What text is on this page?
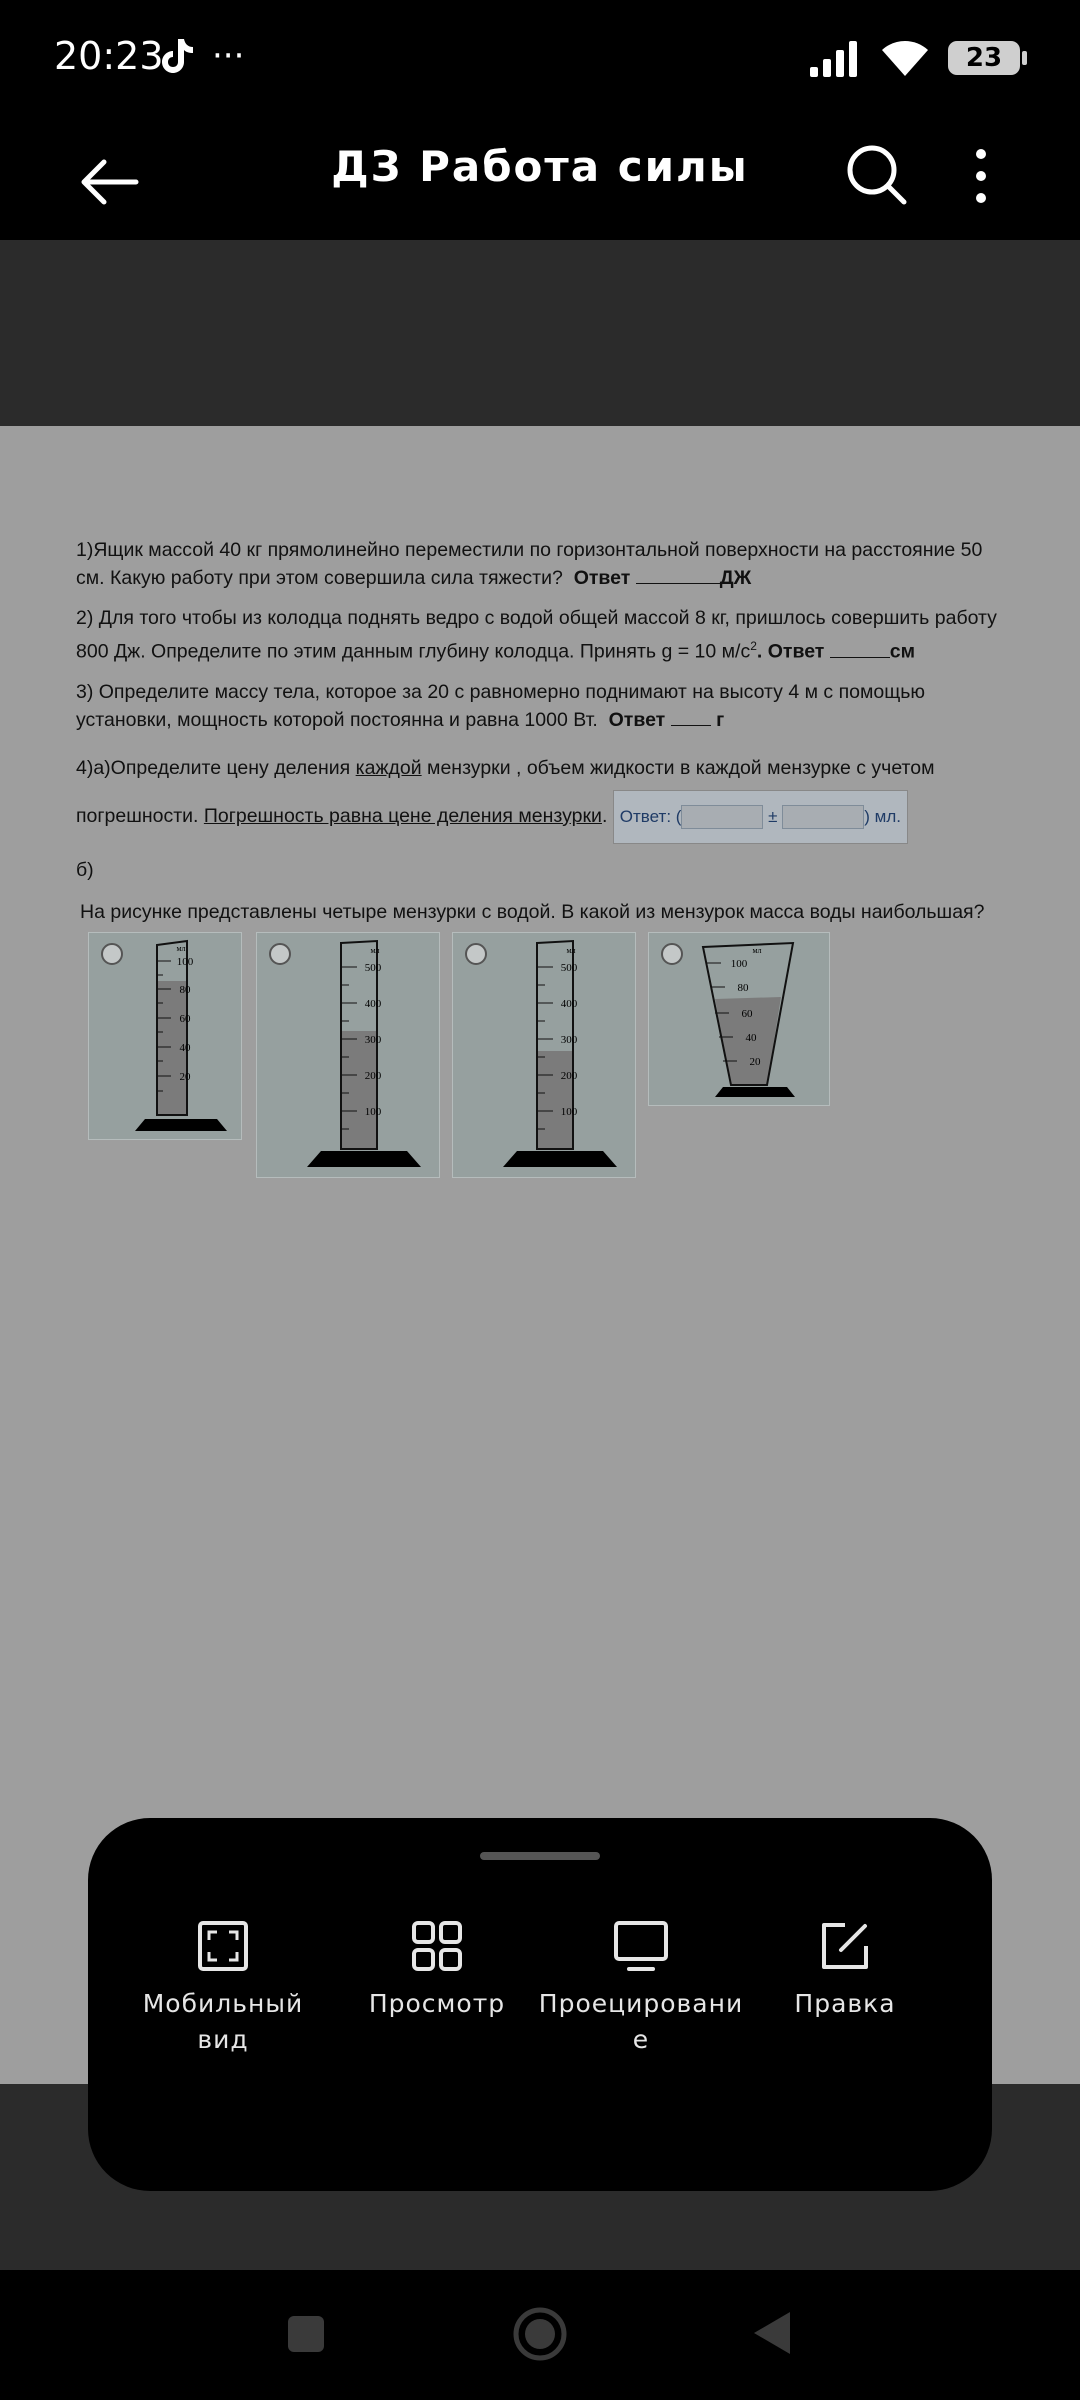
20:23 ···	23
ДЗ Работа силы

1)Ящик массой 40 кг прямолинейно переместили по горизонтальной поверхности на расстояние 50 см. Какую работу при этом совершила сила тяжести? Ответ	ДЖ

2) Для того чтобы из колодца поднять ведро с водой общей массой 8 кг, пришлось совершить работу 800 Дж. Определите по этим данным глубину колодца. Принять g = 10 $м/с^2$. Ответ	см

3) Определите массу тела, которое за 20 с равномерно поднимают на высоту 4 м с помощью установки, мощность которой постоянна и равна 1000 Вт. Ответ	г

4)а)Определите цену деления каждой мензурки , объем жидкости в каждой мензурке с учетом погрешности. Погрешность равна цене деления мензурки. Ответ: (	±	) мл.

б)

На рисунке представлены четыре мензурки с водой. В какой из мензурок масса воды наибольшая?

мл
100
80
60
40
20
мл
500
400
300
200
100
мл
500
400
300
200
100
мл
100
80
60
40
20
Мобильный вид
Просмотр	Проецировани е
Правка
